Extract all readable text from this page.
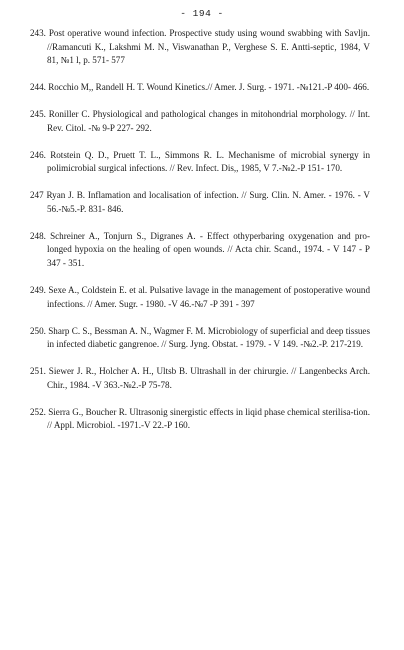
- 194 -
243. Post operative wound infection. Prospective study using wound swabbing with Savljn. //Ramancuti K., Lakshmi M. N., Viswanathan P., Verghese S. E. Antti-septic, 1984, V 81, №1 l, p. 571- 577
244. Rocchio M,, Randell H. T. Wound Kinetics.// Amer. J. Surg. - 1971. -№121.-P 400- 466.
245. Roniller C. Physiological and pathological changes in mitohondrial morphology. // Int. Rev. Citol. -№ 9-P 227- 292.
246. Rotstein Q. D., Pruett T. L., Simmons R. L. Mechanisme of microbial synergy in polimicrobial surgical infections. // Rev. Infect. Dis,, 1985, V 7.-№2.-P 151- 170.
247 Ryan J. B. Inflamation and localisation of infection. // Surg. Clin. N. Amer. - 1976. - V 56.-№5.-P. 831- 846.
248. Schreiner A., Tonjurn S., Digranes A. - Effect othyperbaring oxygenation and pro-longed hypoxia on the healing of open wounds. // Acta chir. Scand., 1974. - V 147 - P 347 - 351.
249. Sexe A., Coldstein E. et al. Pulsative lavage in the management of postoperative wound infections. // Amer. Sugr. - 1980. -V 46.-№7 -P 391 - 397
250. Sharp C. S., Bessman A. N., Wagmer F. M. Microbiology of superficial and deep tissues in infected diabetic gangrenoe. // Surg. Jyng. Obstat. - 1979. - V 149. -№2.-P. 217-219.
251. Siewer J. R., Holcher A. H., Ultsb B. Ultrashall in der chirurgie. // Langenbecks Arch. Chir., 1984. -V 363.-№2.-P 75-78.
252. Sierra G., Boucher R. Ultrasonig sinergistic effects in liqid phase chemical sterilisa-tion. // Appl. Microbiol. -1971.-V 22.-P 160.
